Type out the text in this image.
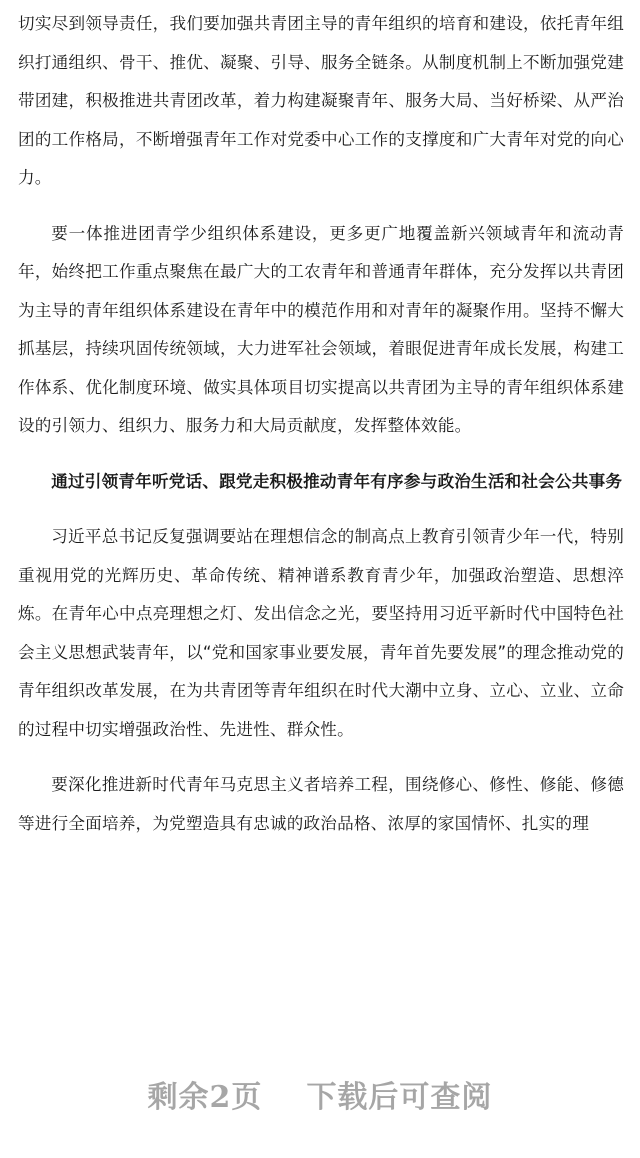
切实尽到领导责任，我们要加强共青团主导的青年组织的培育和建设，依托青年组织打通组织、骨干、推优、凝聚、引导、服务全链条。从制度机制上不断加强党建带团建，积极推进共青团改革，着力构建凝聚青年、服务大局、当好桥梁、从严治团的工作格局，不断增强青年工作对党委中心工作的支撑度和广大青年对党的向心力。

要一体推进团青学少组织体系建设，更多更广地覆盖新兴领域青年和流动青年，始终把工作重点聚焦在最广大的工农青年和普通青年群体，充分发挥以共青团为主导的青年组织体系建设在青年中的模范作用和对青年的凝聚作用。坚持不懈大抓基层，持续巩固传统领域，大力进军社会领域，着眼促进青年成长发展，构建工作体系、优化制度环境、做实具体项目切实提高以共青团为主导的青年组织体系建设的引领力、组织力、服务力和大局贡献度，发挥整体效能。

通过引领青年听党话、跟党走积极推动青年有序参与政治生活和社会公共事务

习近平总书记反复强调要站在理想信念的制高点上教育引领青少年一代，特别重视用党的光辉历史、革命传统、精神谱系教育青少年，加强政治塑造、思想淬炼。在青年心中点亮理想之灯、发出信念之光，要坚持用习近平新时代中国特色社会主义思想武装青年，以“党和国家事业要发展，青年首先要发展”的理念推动党的青年组织改革发展，在为共青团等青年组织在时代大潮中立身、立心、立业、立命的过程中切实增强政治性、先进性、群众性。

要深化推进新时代青年马克思主义者培养工程，围绕修心、修性、修能、修德等进行全面培养，为党塑造具有忠诚的政治品格、浓厚的家国情怀、扎实的理

剩余2页 下载后可查阅
